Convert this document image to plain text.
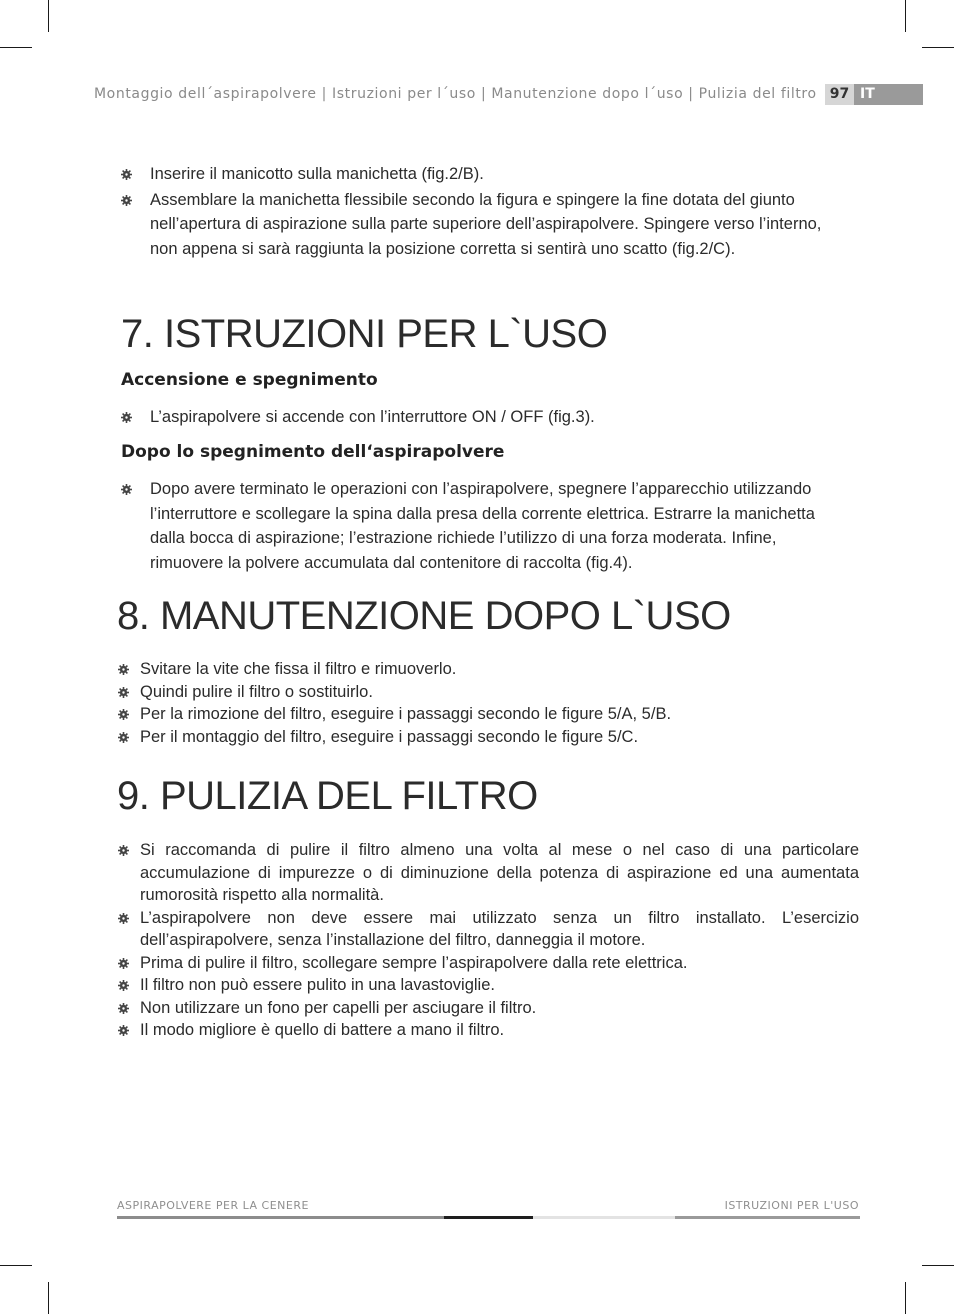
Montaggio dell´aspirapolvere | Istruzioni per l´uso | Manutenzione dopo l´uso | Pulizia del filtro 97 IT
Inserire il manicotto sulla manichetta (fig.2/B).
Assemblare la manichetta flessibile secondo la figura e spingere la fine dotata del giunto nell’apertura di aspirazione sulla parte superiore dell’aspirapolvere. Spingere verso l’interno, non appena si sarà raggiunta la posizione corretta si sentirà uno scatto (fig.2/C).
7. ISTRUZIONI PER L`USO
Accensione e spegnimento
L’aspirapolvere si accende con l’interruttore ON / OFF (fig.3).
Dopo lo spegnimento dell‘aspirapolvere
Dopo avere terminato le operazioni con l’aspirapolvere, spegnere l’apparecchio utilizzando l’interruttore e scollegare la spina dalla presa della corrente elettrica. Estrarre la manichetta dalla bocca di aspirazione; l’estrazione richiede l’utilizzo di una forza moderata. Infine, rimuovere la polvere accumulata dal contenitore di raccolta (fig.4).
8. MANUTENZIONE DOPO L`USO
Svitare la vite che fissa il filtro e rimuoverlo.
Quindi pulire il filtro o sostituirlo.
Per la rimozione del filtro, eseguire i passaggi secondo le figure 5/A, 5/B.
Per il montaggio del filtro, eseguire i passaggi secondo le figure 5/C.
9. PULIZIA DEL FILTRO
Si raccomanda di pulire il filtro almeno una volta al mese o nel caso di una particolare accumulazione di impurezze o di diminuzione della potenza di aspirazione ed una aumentata rumorosità rispetto alla normalità.
L’aspirapolvere non deve essere mai utilizzato senza un filtro installato. L’esercizio dell’aspirapolvere, senza l’installazione del filtro, danneggia il motore.
Prima di pulire il filtro, scollegare sempre l’aspirapolvere dalla rete elettrica.
Il filtro non può essere pulito in una lavastoviglie.
Non utilizzare un fono per capelli per asciugare il filtro.
Il modo migliore è quello di battere a mano il filtro.
ASPIRAPOLVERE PER LA CENERE	ISTRUZIONI PER L'USO
